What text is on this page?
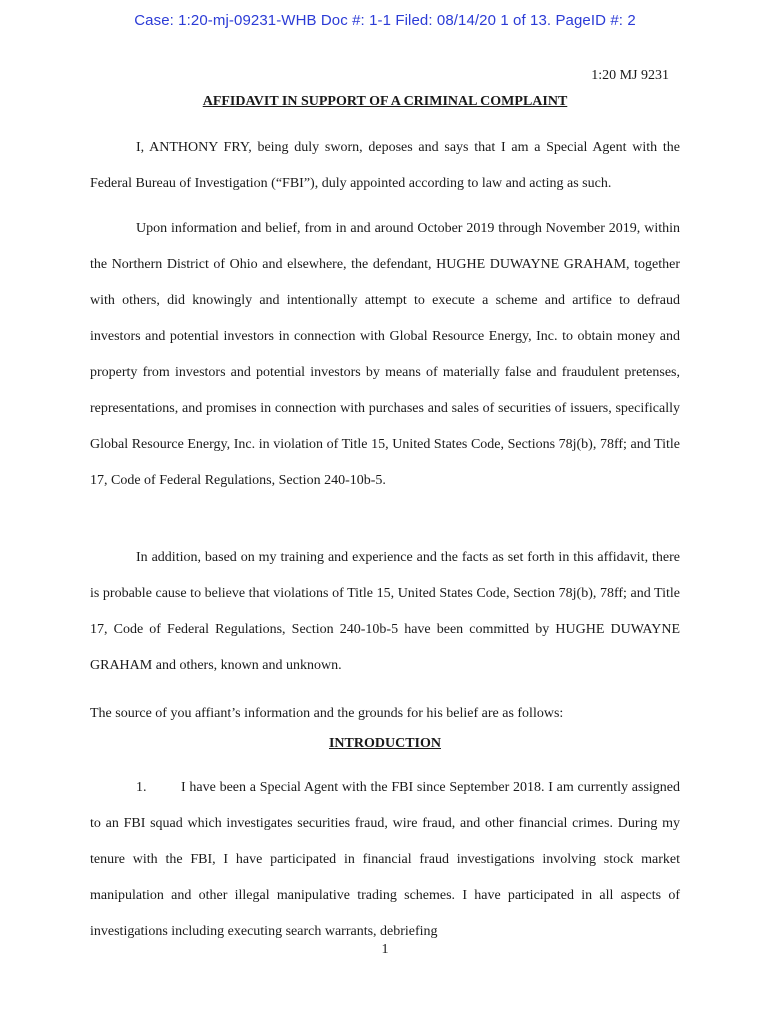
Case: 1:20-mj-09231-WHB Doc #: 1-1 Filed: 08/14/20 1 of 13. PageID #: 2
1:20 MJ 9231
AFFIDAVIT IN SUPPORT OF A CRIMINAL COMPLAINT

I, ANTHONY FRY, being duly sworn, deposes and says that I am a Special Agent with the Federal Bureau of Investigation (“FBI”), duly appointed according to law and acting as such.

Upon information and belief, from in and around October 2019 through November 2019, within the Northern District of Ohio and elsewhere, the defendant, HUGHE DUWAYNE GRAHAM, together with others, did knowingly and intentionally attempt to execute a scheme and artifice to defraud investors and potential investors in connection with Global Resource Energy, Inc. to obtain money and property from investors and potential investors by means of materially false and fraudulent pretenses, representations, and promises in connection with purchases and sales of securities of issuers, specifically Global Resource Energy, Inc. in violation of Title 15, United States Code, Sections 78j(b), 78ff; and Title 17, Code of Federal Regulations, Section 240-10b-5.

In addition, based on my training and experience and the facts as set forth in this affidavit, there is probable cause to believe that violations of Title 15, United States Code, Section 78j(b), 78ff; and Title 17, Code of Federal Regulations, Section 240-10b-5 have been committed by HUGHE DUWAYNE GRAHAM and others, known and unknown.

The source of you affiant’s information and the grounds for his belief are as follows:

INTRODUCTION

1. I have been a Special Agent with the FBI since September 2018. I am currently assigned to an FBI squad which investigates securities fraud, wire fraud, and other financial crimes. During my tenure with the FBI, I have participated in financial fraud investigations involving stock market manipulation and other illegal manipulative trading schemes. I have participated in all aspects of investigations including executing search warrants, debriefing

1
